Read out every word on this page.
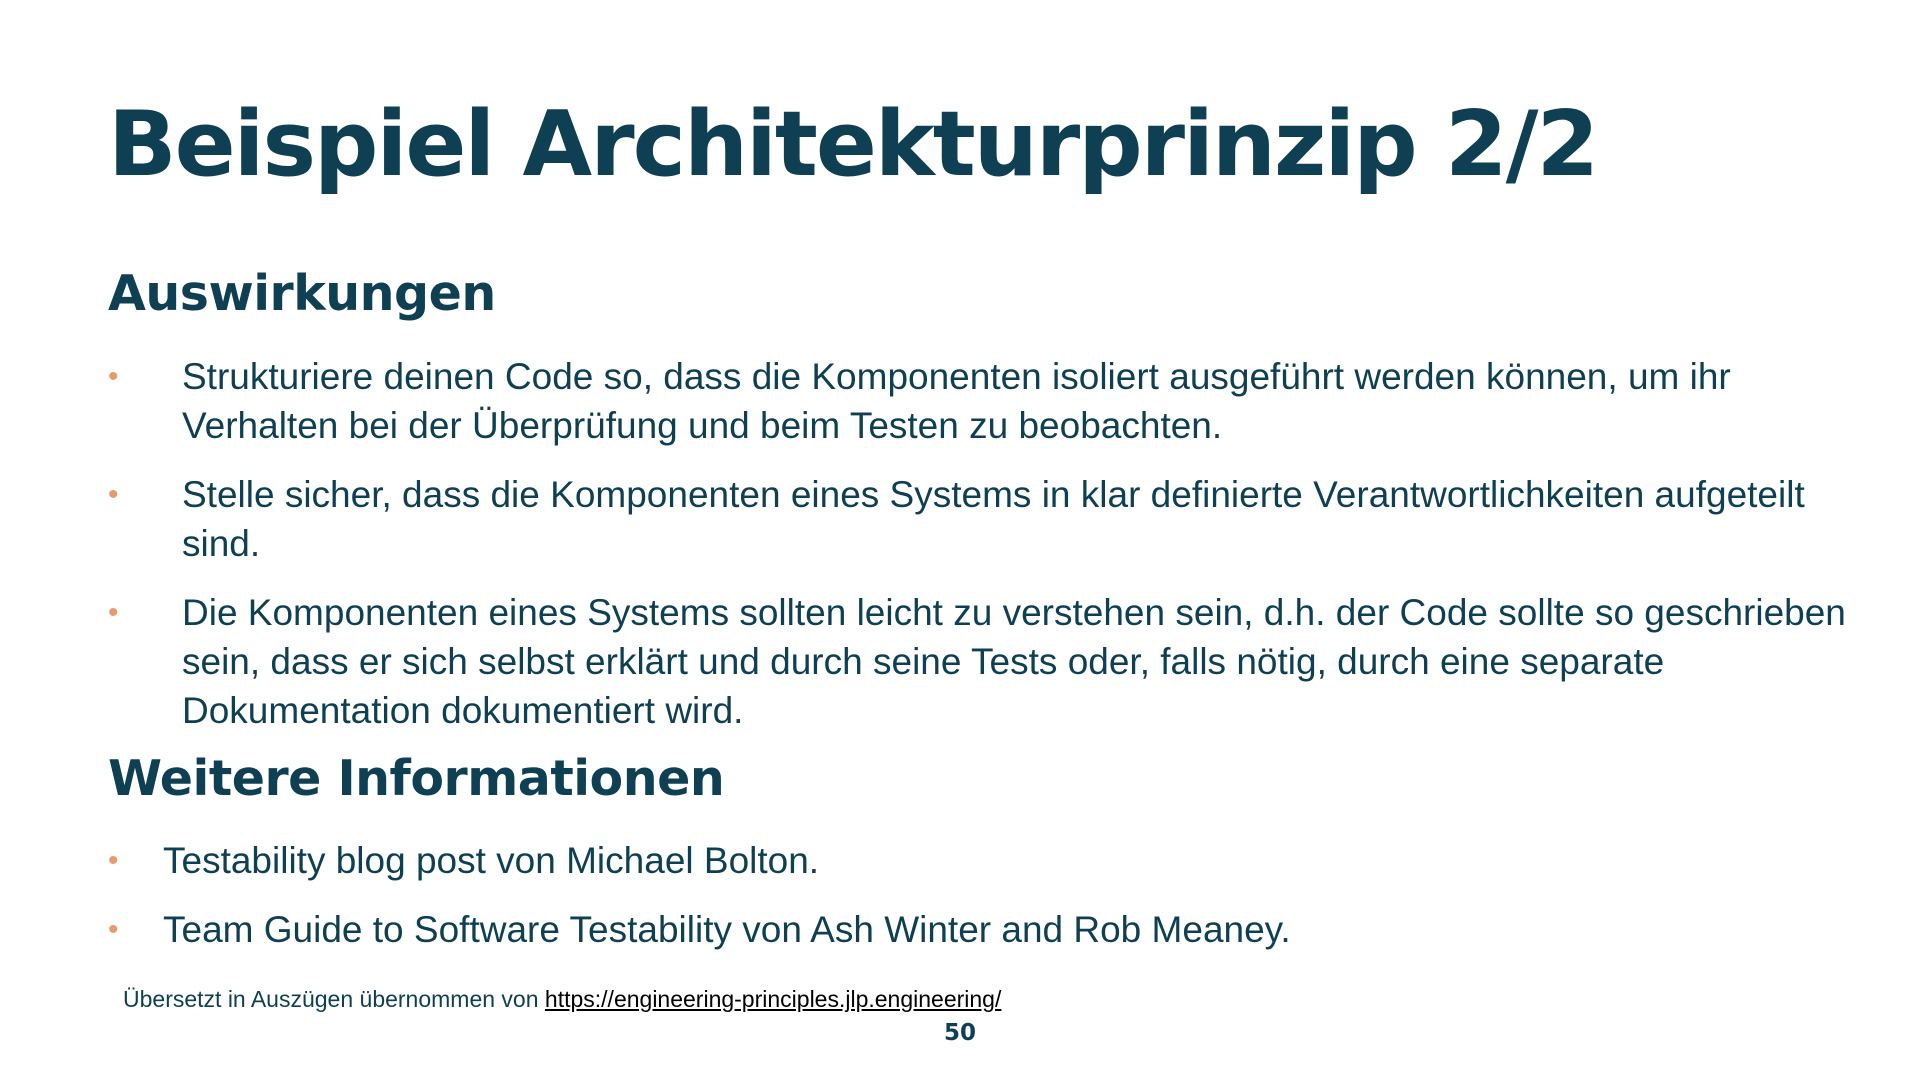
Beispiel Architekturprinzip 2/2
Auswirkungen
• Strukturiere deinen Code so, dass die Komponenten isoliert ausgeführt werden können, um ihr Verhalten bei der Überprüfung und beim Testen zu beobachten.
• Stelle sicher, dass die Komponenten eines Systems in klar definierte Verantwortlichkeiten aufgeteilt sind.
• Die Komponenten eines Systems sollten leicht zu verstehen sein, d.h. der Code sollte so geschrieben sein, dass er sich selbst erklärt und durch seine Tests oder, falls nötig, durch eine separate Dokumentation dokumentiert wird.
Weitere Informationen
• Testability blog post von Michael Bolton.
• Team Guide to Software Testability von Ash Winter and Rob Meaney.
Übersetzt in Auszügen übernommen von https://engineering-principles.jlp.engineering/
50
